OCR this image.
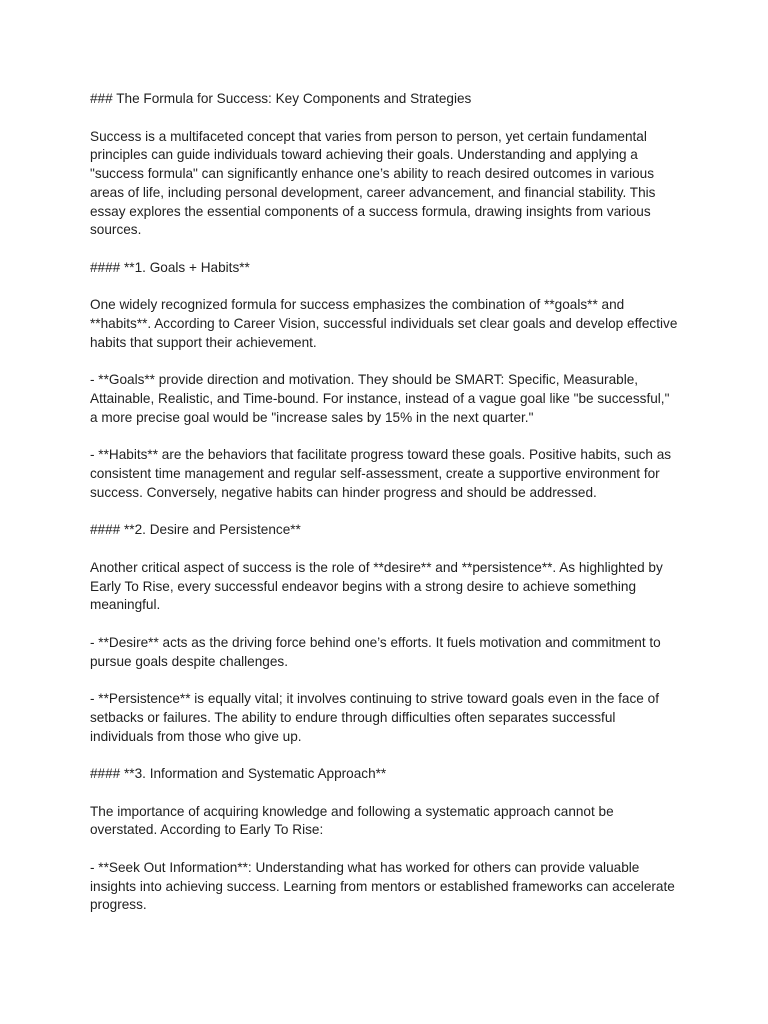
### The Formula for Success: Key Components and Strategies

Success is a multifaceted concept that varies from person to person, yet certain fundamental principles can guide individuals toward achieving their goals. Understanding and applying a "success formula" can significantly enhance one’s ability to reach desired outcomes in various areas of life, including personal development, career advancement, and financial stability. This essay explores the essential components of a success formula, drawing insights from various sources.

#### **1. Goals + Habits**

One widely recognized formula for success emphasizes the combination of **goals** and **habits**. According to Career Vision, successful individuals set clear goals and develop effective habits that support their achievement.

- **Goals** provide direction and motivation. They should be SMART: Specific, Measurable, Attainable, Realistic, and Time-bound. For instance, instead of a vague goal like "be successful," a more precise goal would be "increase sales by 15% in the next quarter."

- **Habits** are the behaviors that facilitate progress toward these goals. Positive habits, such as consistent time management and regular self-assessment, create a supportive environment for success. Conversely, negative habits can hinder progress and should be addressed.

#### **2. Desire and Persistence**

Another critical aspect of success is the role of **desire** and **persistence**. As highlighted by Early To Rise, every successful endeavor begins with a strong desire to achieve something meaningful.

- **Desire** acts as the driving force behind one’s efforts. It fuels motivation and commitment to pursue goals despite challenges.

- **Persistence** is equally vital; it involves continuing to strive toward goals even in the face of setbacks or failures. The ability to endure through difficulties often separates successful individuals from those who give up.

#### **3. Information and Systematic Approach**

The importance of acquiring knowledge and following a systematic approach cannot be overstated. According to Early To Rise:

- **Seek Out Information**: Understanding what has worked for others can provide valuable insights into achieving success. Learning from mentors or established frameworks can accelerate progress.
